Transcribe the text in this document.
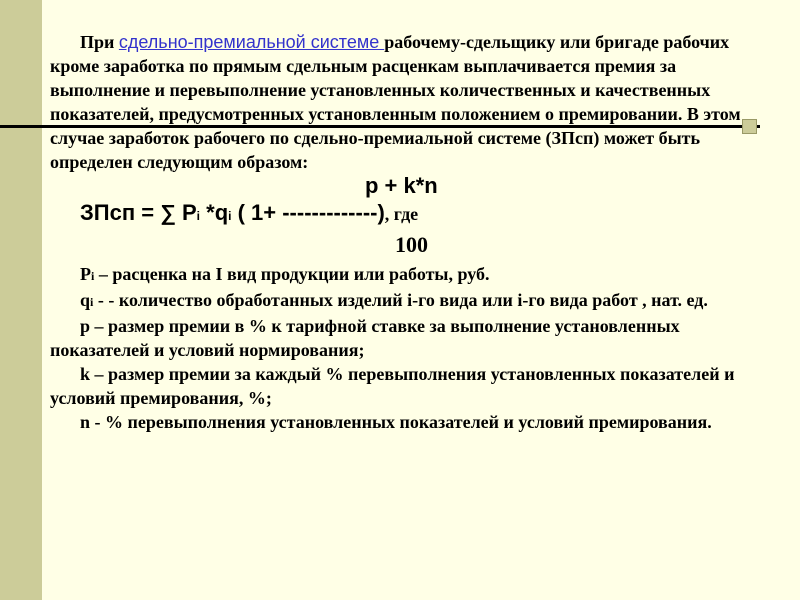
При сдельно-премиальной системе рабочему-сдельщику или бригаде рабочих кроме заработка по прямым сдельным расценкам выплачивается премия за выполнение и перевыполнение установленных количественных и качественных показателей, предусмотренных установленным положением о премировании. В этом случае заработок рабочего по сдельно-премиальной системе (ЗПсп) может быть определен следующим образом:
p + k*n
ЗПсп = ∑ Pi *qi ( 1+ -------------), где
100
Pi – расценка на I вид продукции или работы, руб.
qi - - количество обработанных изделий i-го вида или i-го вида работ , нат. ед.
p – размер премии в % к тарифной ставке за выполнение установленных показателей и условий нормирования;
k – размер премии за каждый % перевыполнения установленных показателей и условий премирования, %;
n - % перевыполнения установленных показателей и условий премирования.
